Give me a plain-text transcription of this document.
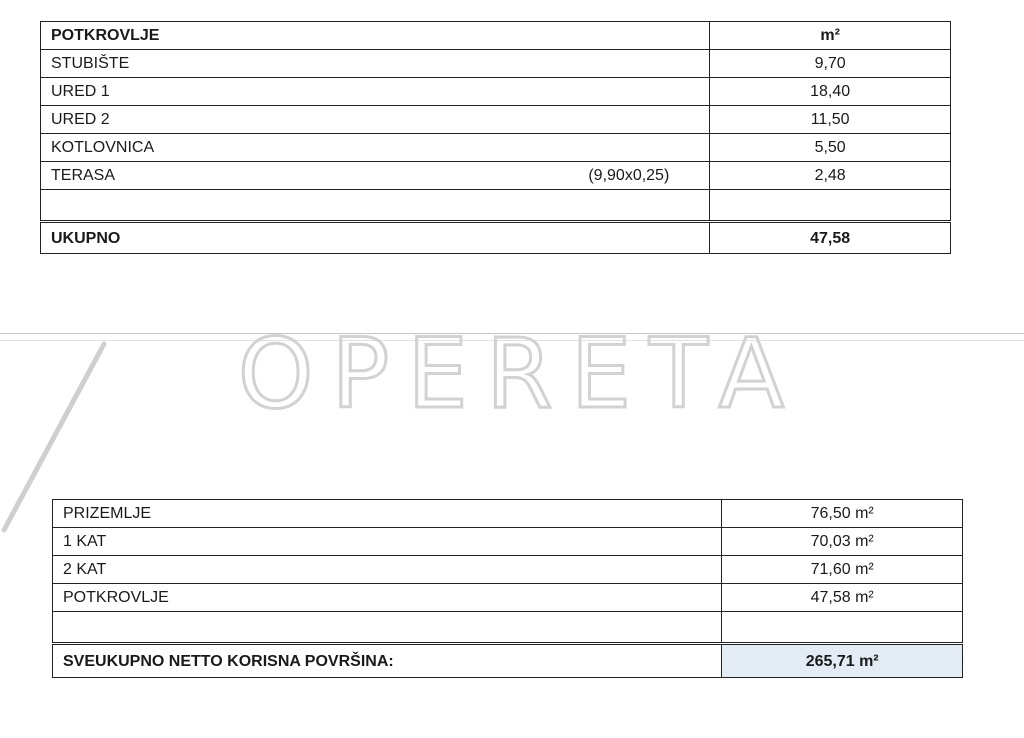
OPERETA
POTKROVLJE	m²
STUBIŠTE	9,70
URED 1	18,40
URED 2	11,50
KOTLOVNICA	5,50

TERASA (9,90x0,25)	2,48

UKUPNO	47,58
PRIZEMLJE	76,50 m²
1 KAT	70,03 m²
2 KAT	71,60 m²
POTKROVLJE	47,58 m²

SVEUKUPNO NETTO KORISNA POVRŠINA:	265,71 m²
